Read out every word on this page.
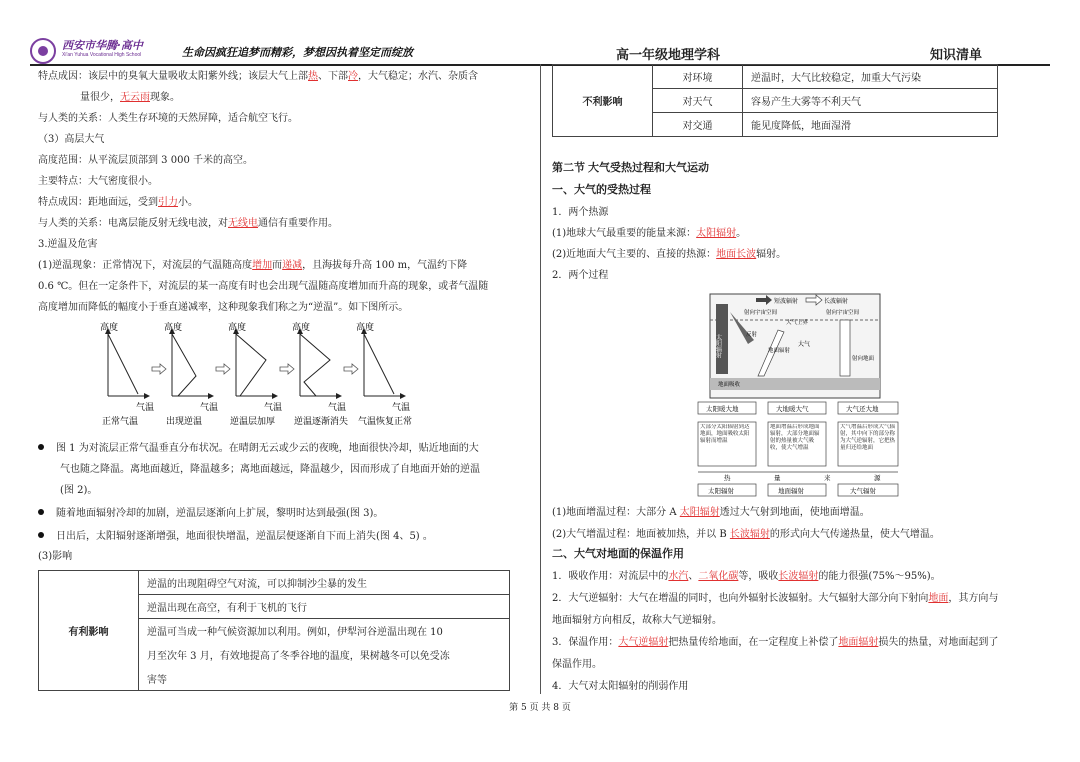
西安市华腾·高中
Xi'an Yuhua Vocational High School	生命因疯狂追梦而精彩，梦想因执着坚定而绽放	高一年级地理学科	知识清单
特点成因：该层中的臭氧大量吸收太阳紫外线；该层大气上部热、下部冷，大气稳定；水汽、杂质含
量很少，无云雨现象。
与人类的关系：人类生存环境的天然屏障，适合航空飞行。
（3）高层大气
高度范围：从平流层顶部到 3 000 千米的高空。
主要特点：大气密度很小。
特点成因：距地面远，受到引力小。
与人类的关系：电离层能反射无线电波，对无线电通信有重要作用。
3.逆温及危害
(1)逆温现象：正常情况下，对流层的气温随高度增加而递减，且海拔每升高 100 m，气温约下降
0.6 ℃。但在一定条件下，对流层的某一高度有时也会出现气温随高度增加而升高的现象，或者气温随
高度增加而降低的幅度小于垂直递减率，这种现象我们称之为“逆温”。如下图所示。
高度
气温
正常气温
高度
气温
出现逆温
高度
气温
逆温层加厚
高度
气温
逆温逐渐消失
高度
气温
气温恢复正常
图 1 为对流层正常气温垂直分布状况。在晴朗无云或少云的夜晚，地面很快冷却，贴近地面的大
气也随之降温。离地面越近，降温越多；离地面越远，降温越少，因而形成了自地面开始的逆温
(图 2)。
随着地面辐射冷却的加剧，逆温层逐渐向上扩展，黎明时达到最强(图 3)。
日出后，太阳辐射逐渐增强，地面很快增温，逆温层便逐渐自下而上消失(图 4、5) 。
(3)影响
有利影响	逆温的出现阻碍空气对流，可以抑制沙尘暴的发生
逆温出现在高空，有利于飞机的飞行
逆温可当成一种气候资源加以利用。例如，伊犁河谷逆温出现在 10
月至次年 3 月，有效地提高了冬季谷地的温度，果树越冬可以免受冻
害等
不利影响	对环境	逆温时，大气比较稳定，加重大气污染
	对天气	容易产生大雾等不利天气
	对交通	能见度降低，地面湿滑
第二节 大气受热过程和大气运动
一、大气的受热过程
1．两个热源
(1)地球大气最重要的能量来源：太阳辐射。
(2)近地面大气主要的、直接的热源：地面长波辐射。
2．两个过程
短波辐射	长波辐射
射向宇宙空间	射向宇宙空间
大气上界
太阳辐射	反射
大气
地面辐射
射向地面
地面吸收
太阳暖大地	大地暖大气	大气还大地
大部分太阳辐射到达地面，地面吸收太阳辐射而增温
地面增温后形成地面辐射，大部分地面辐射的热量被大气吸收，使大气增温
大气增温后形成大气辐射，其中向下的部分称为大气逆辐射，它把热量归还给地面
热	量	来	源
太阳辐射	地面辐射	大气辐射
(1)地面增温过程：大部分 A 太阳辐射透过大气射到地面，使地面增温。
(2)大气增温过程：地面被加热，并以 B 长波辐射的形式向大气传递热量，使大气增温。
二、大气对地面的保温作用
1．吸收作用：对流层中的水汽、二氧化碳等，吸收长波辐射的能力很强(75%～95%)。
2．大气逆辐射：大气在增温的同时，也向外辐射长波辐射。大气辐射大部分向下射向地面，其方向与
地面辐射方向相反，故称大气逆辐射。
3．保温作用：大气逆辐射把热量传给地面，在一定程度上补偿了地面辐射损失的热量，对地面起到了
保温作用。
4．大气对太阳辐射的削弱作用
第 5 页 共 8 页
